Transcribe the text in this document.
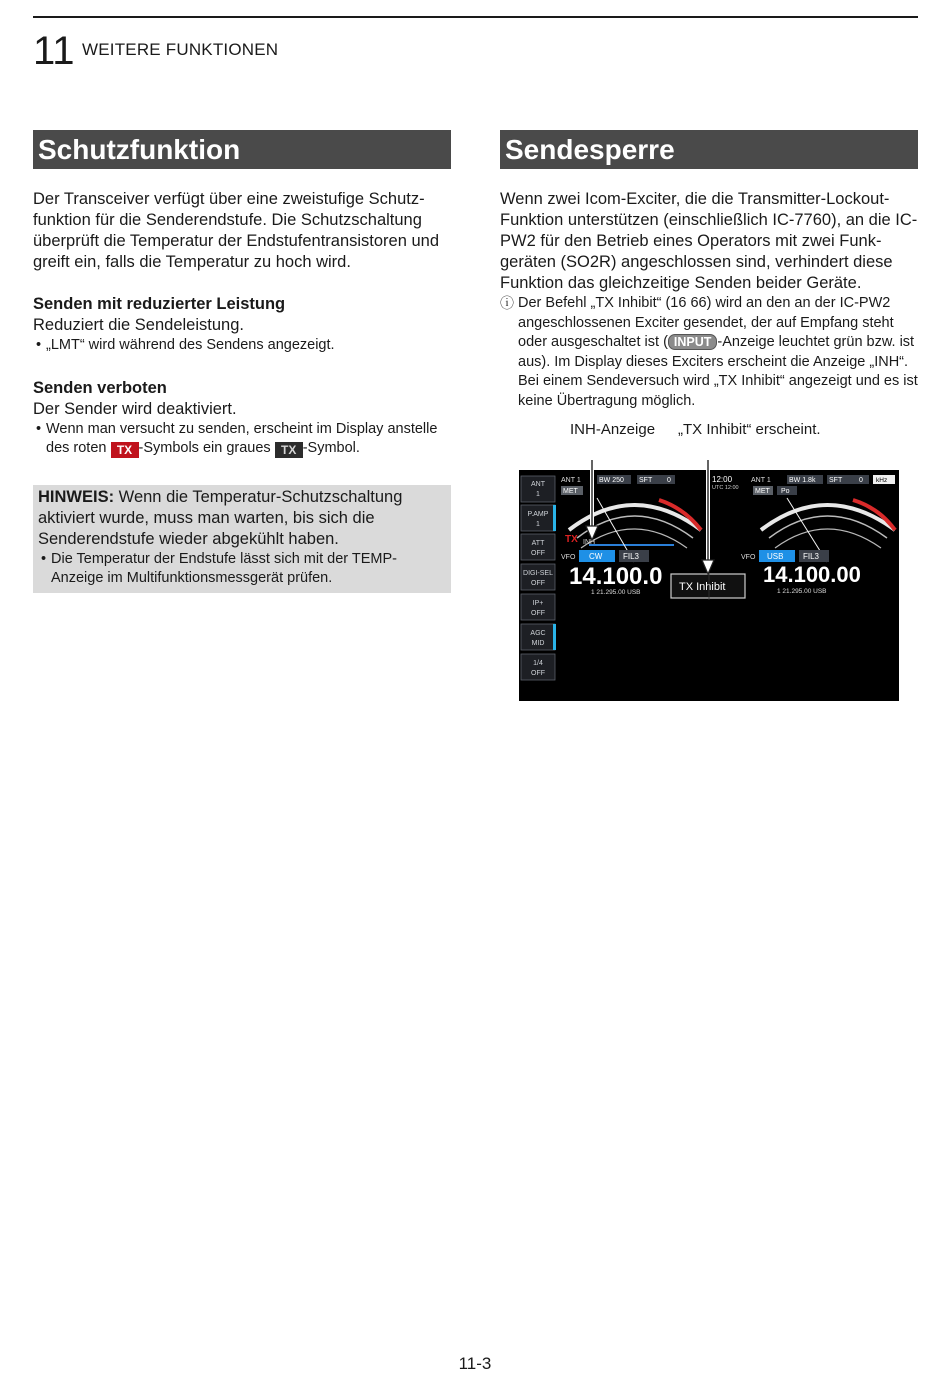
11 WEITERE FUNKTIONEN
Schutzfunktion

Der Transceiver verfügt über eine zweistufige Schutz-funktion für die Senderendstufe. Die Schutzschaltung überprüft die Temperatur der Endstufentransistoren und greift ein, falls die Temperatur zu hoch wird.

Senden mit reduzierter Leistung

Reduziert die Sendeleistung.

• „LMT“ wird während des Sendens angezeigt.

Senden verboten

Der Sender wird deaktiviert.

• Wenn man versucht zu senden, erscheint im Display anstelle des roten TX -Symbols ein graues TX -Symbol.

HINWEIS: Wenn die Temperatur-Schutzschaltung aktiviert wurde, muss man warten, bis sich die Senderendstufe wieder abgekühlt haben.

• Die Temperatur der Endstufe lässt sich mit der TEMP-Anzeige im Multifunktionsmessgerät prüfen.
Sendesperre

Wenn zwei Icom-Exciter, die die Transmitter-Lockout-Funktion unterstützen (einschließlich IC-7760), an die IC-PW2 für den Betrieb eines Operators mit zwei Funk-geräten (SO2R) angeschlossen sind, verhindert diese Funktion das gleichzeitige Senden beider Geräte.

ⓘ Der Befehl „TX Inhibit“ (16 66) wird an den an der IC-PW2 angeschlossenen Exciter gesendet, der auf Empfang steht oder ausgeschaltet ist ( INPUT -Anzeige leuchtet grün bzw. ist aus). Im Display dieses Exciters erscheint die Anzeige „INH“. Bei einem Sendeversuch wird „TX Inhibit“ angezeigt und es ist keine Übertragung möglich.
INH-Anzeige „TX Inhibit“ erscheint.
ANT
1
P.AMP
1
ATT
OFF
DIGI-SEL
OFF
IP+
OFF
AGC
MID
1/4
OFF
ANT 1	BW 250 SFT 0
MET
TX INH
VFO CW	FIL3
14.100.0
1 21.295.00 USB	TX Inhibit
12:00
UTC 12:00
ANT 1	BW 1.8k SFT 0 kHz
MET Po
VFO USB FIL3
14.100.00
1 21.295.00 USB
11-3
